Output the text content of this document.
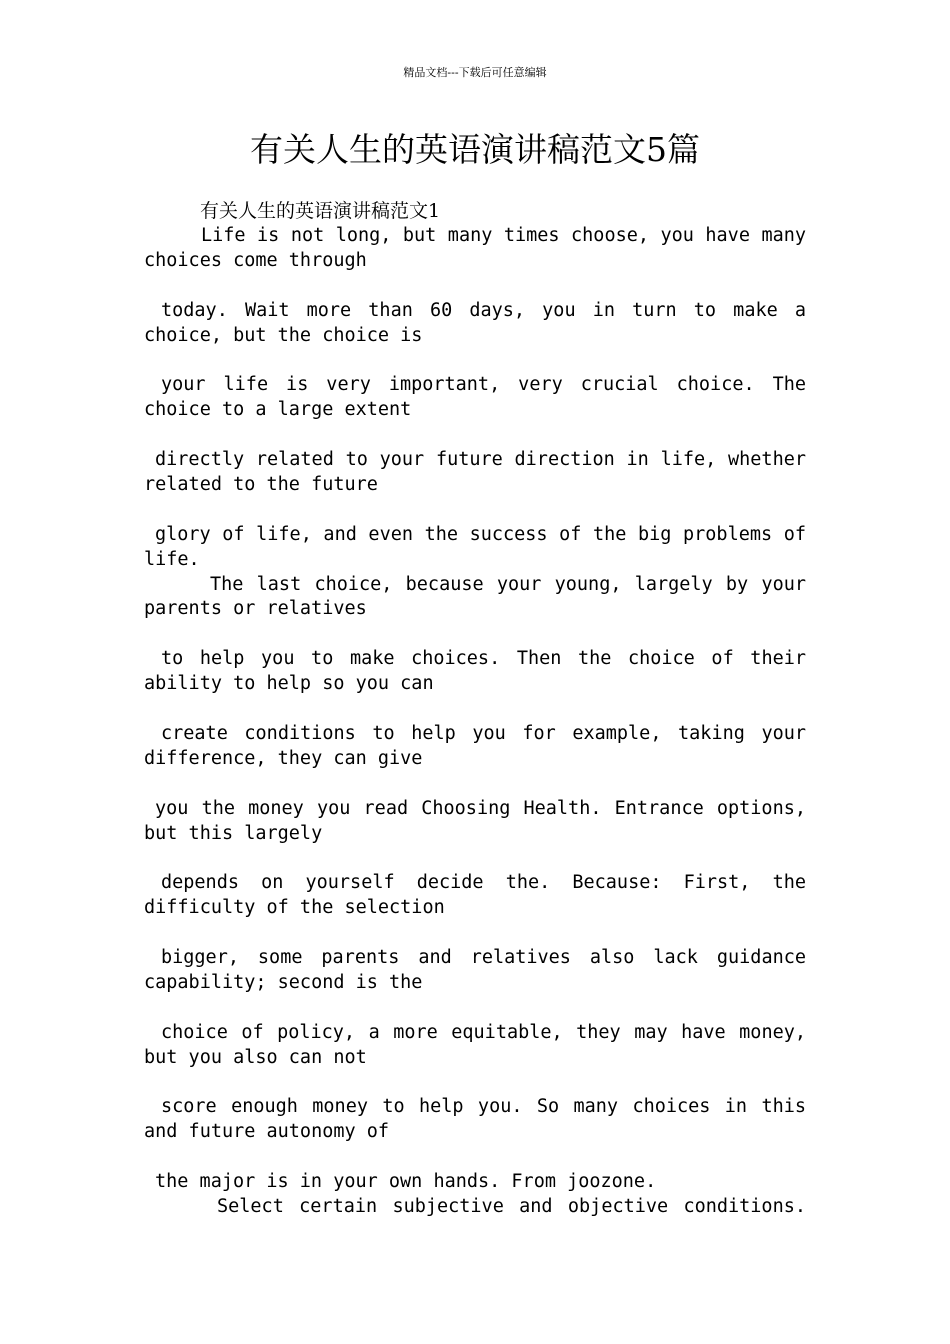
精品文档---下载后可任意编辑
有关人生的英语演讲稿范文5篇
有关人生的英语演讲稿范文1
Life is not long, but many times choose, you have many
choices come through
today. Wait more than 60 days, you in turn to make a
choice, but the choice is
your life is very important, very crucial choice. The
choice to a large extent
directly related to your future direction in life, whether
related to the future
glory of life, and even the success of the big problems of
life.
The last choice, because your young, largely by your
parents or relatives
to help you to make choices. Then the choice of their
ability to help so you can
create conditions to help you for example, taking your
difference, they can give
you the money you read Choosing Health. Entrance options,
but this largely
depends on yourself decide the. Because: First, the
difficulty of the selection
bigger, some parents and relatives also lack guidance
capability; second is the
choice of policy, a more equitable, they may have money,
but you also can not
score enough money to help you. So many choices in this
and future autonomy of
the major is in your own hands. From joozone.
Select certain subjective and objective conditions.
